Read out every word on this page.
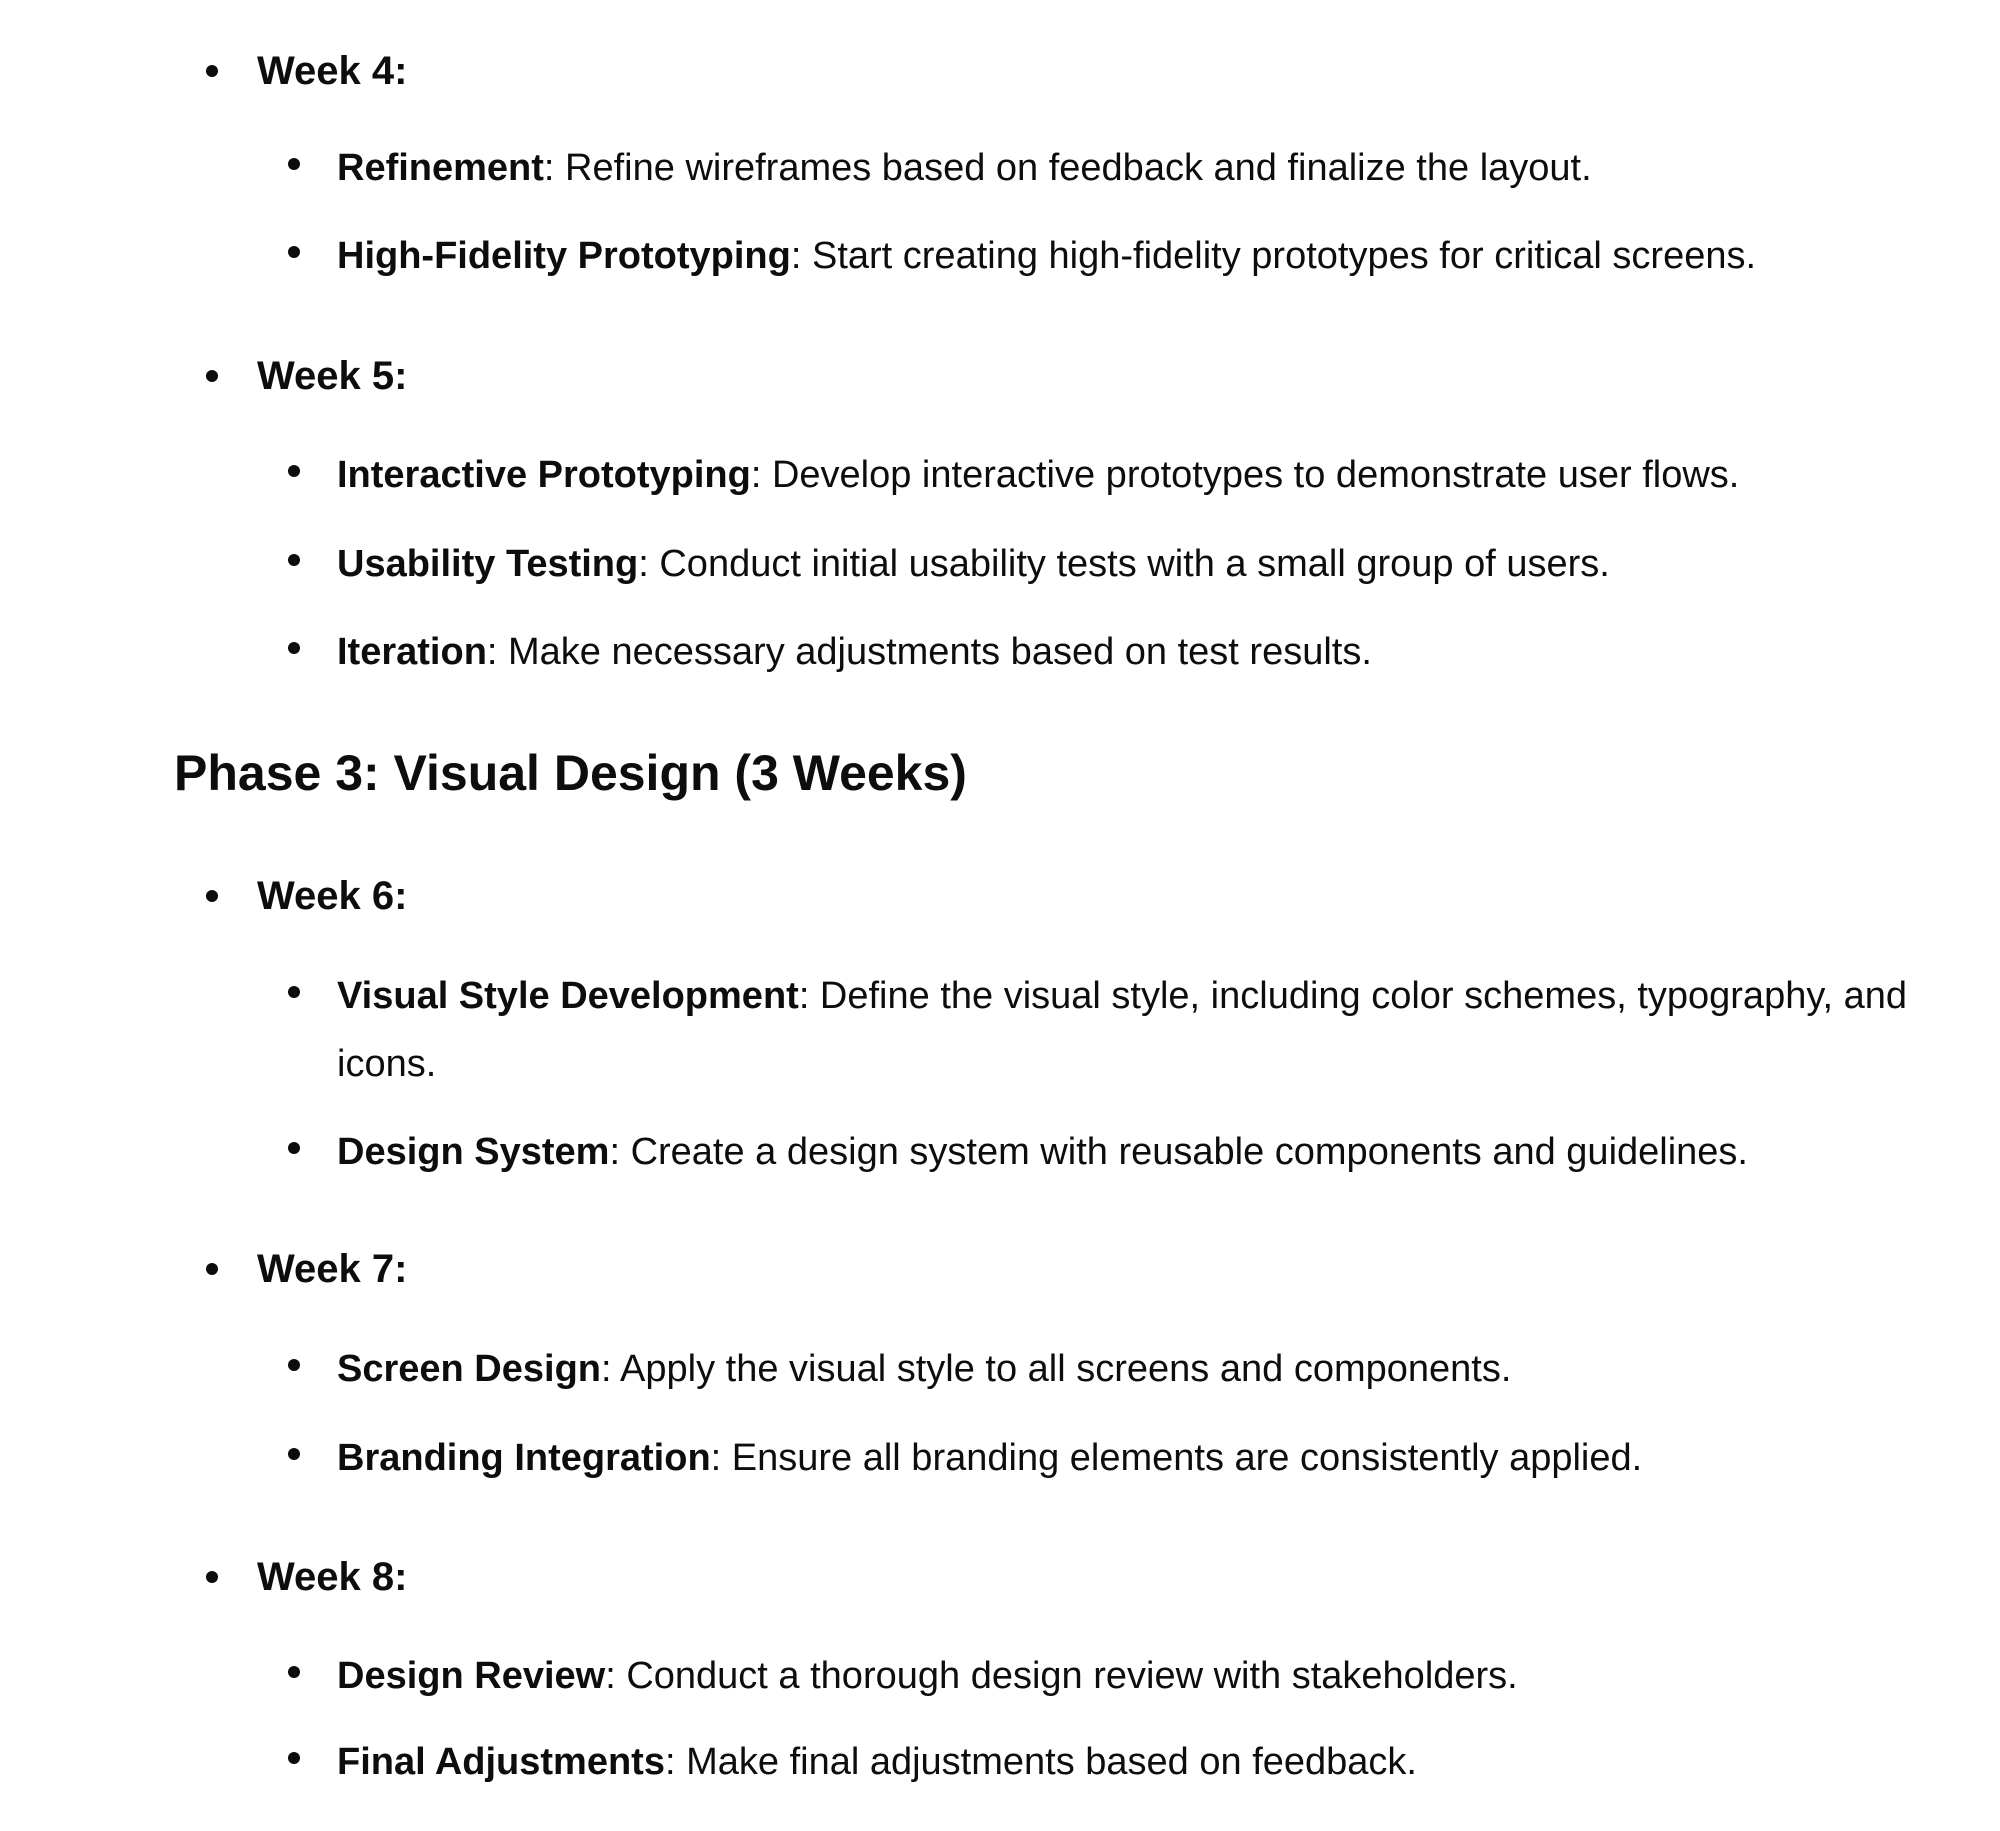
Week 4:
Refinement: Refine wireframes based on feedback and finalize the layout.
High-Fidelity Prototyping: Start creating high-fidelity prototypes for critical screens.
Week 5:
Interactive Prototyping: Develop interactive prototypes to demonstrate user flows.
Usability Testing: Conduct initial usability tests with a small group of users.
Iteration: Make necessary adjustments based on test results.
Phase 3: Visual Design (3 Weeks)
Week 6:
Visual Style Development: Define the visual style, including color schemes, typography, and icons.
Design System: Create a design system with reusable components and guidelines.
Week 7:
Screen Design: Apply the visual style to all screens and components.
Branding Integration: Ensure all branding elements are consistently applied.
Week 8:
Design Review: Conduct a thorough design review with stakeholders.
Final Adjustments: Make final adjustments based on feedback.
